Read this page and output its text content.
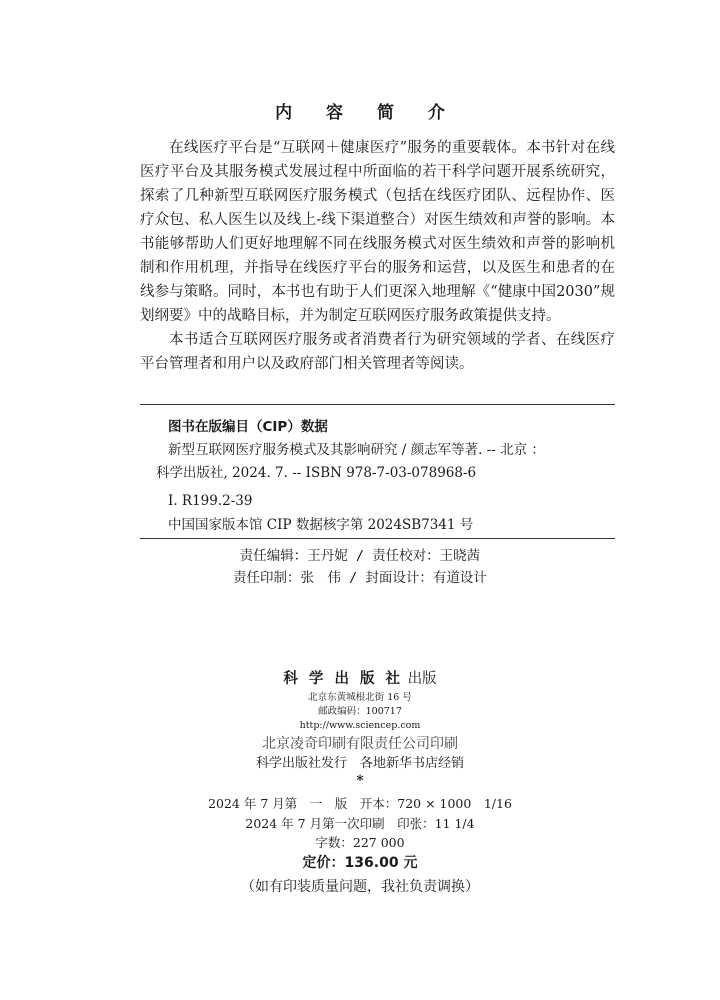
内 容 简 介

在线医疗平台是“互联网＋健康医疗”服务的重要载体。本书针对在线医疗平台及其服务模式发展过程中所面临的若干科学问题开展系统研究，探索了几种新型互联网医疗服务模式（包括在线医疗团队、远程协作、医疗众包、私人医生以及线上-线下渠道整合）对医生绩效和声誉的影响。本书能够帮助人们更好地理解不同在线服务模式对医生绩效和声誉的影响机制和作用机理，并指导在线医疗平台的服务和运营，以及医生和患者的在线参与策略。同时，本书也有助于人们更深入地理解《“健康中国2030”规划纲要》中的战略目标，并为制定互联网医疗服务政策提供支持。

本书适合互联网医疗服务或者消费者行为研究领域的学者、在线医疗平台管理者和用户以及政府部门相关管理者等阅读。

图书在版编目（CIP）数据
新型互联网医疗服务模式及其影响研究 / 颜志军等著. -- 北京 ：
科学出版社, 2024. 7. -- ISBN 978-7-03-078968-6
Ⅰ. R199.2-39
中国国家版本馆 CIP 数据核字第 2024SB7341 号
责任编辑：王丹妮 / 责任校对：王晓茜
责任印制：张　伟 / 封面设计：有道设计
科 学 出 版 社 出版
北京东黄城根北街 16 号
邮政编码：100717
http://www.sciencep.com
北京凌奇印刷有限责任公司印刷
科学出版社发行　各地新华书店经销
*
2024 年 7 月第　一　版　开本：720 × 1000　1/16
2024 年 7 月第一次印刷　印张：11 1/4
字数：227 000
定价：136.00 元
（如有印装质量问题，我社负责调换）
